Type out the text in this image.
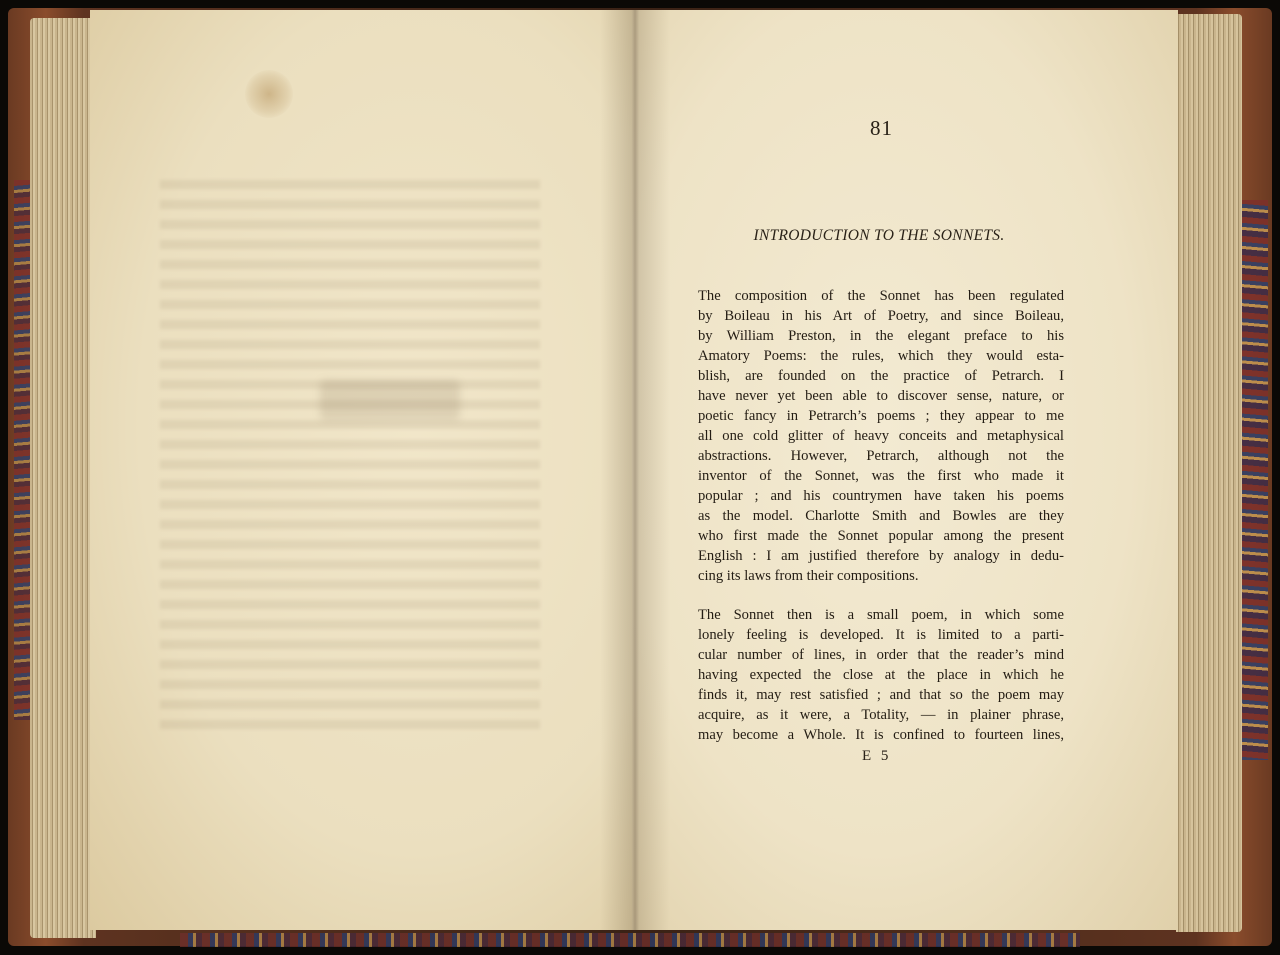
81
INTRODUCTION TO THE SONNETS.
The composition of the Sonnet has been regulated
by Boileau in his Art of Poetry, and since Boileau,
by William Preston, in the elegant preface to his
Amatory Poems: the rules, which they would esta-
blish, are founded on the practice of Petrarch. I
have never yet been able to discover sense, nature, or
poetic fancy in Petrarch’s poems ; they appear to me
all one cold glitter of heavy conceits and metaphysical
abstractions. However, Petrarch, although not the
inventor of the Sonnet, was the first who made it
popular ; and his countrymen have taken his poems
as the model. Charlotte Smith and Bowles are they
who first made the Sonnet popular among the present
English : I am justified therefore by analogy in dedu-
cing its laws from their compositions.
The Sonnet then is a small poem, in which some
lonely feeling is developed. It is limited to a parti-
cular number of lines, in order that the reader’s mind
having expected the close at the place in which he
finds it, may rest satisfied ; and that so the poem may
acquire, as it were, a Totality, — in plainer phrase,
may become a Whole. It is confined to fourteen lines,
E 5
